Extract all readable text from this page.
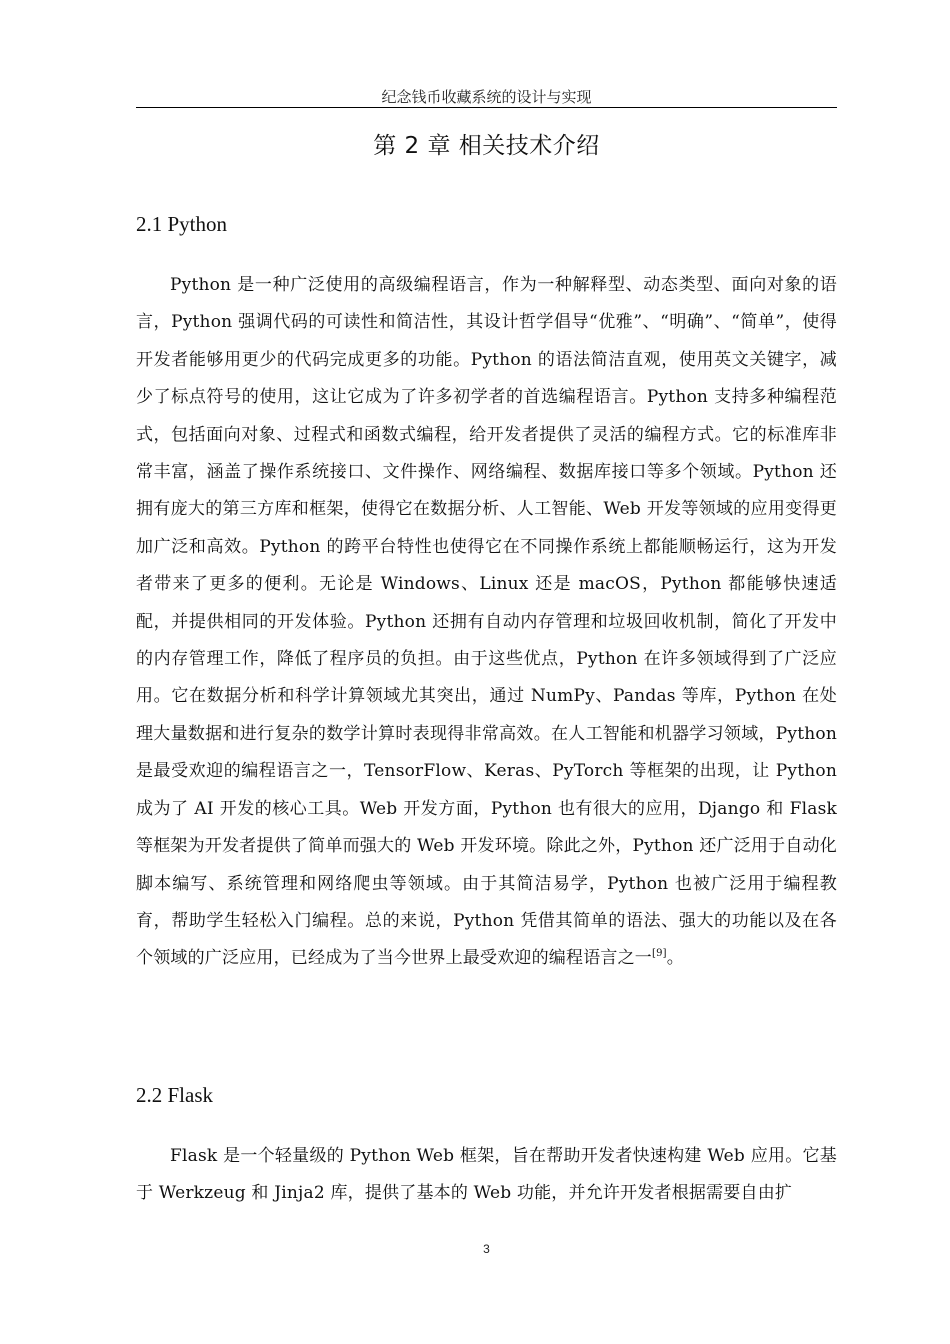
纪念钱币收藏系统的设计与实现
第 2 章 相关技术介绍
2.1 Python

Python 是一种广泛使用的高级编程语言，作为一种解释型、动态类型、面向对象的语言，Python 强调代码的可读性和简洁性，其设计哲学倡导“优雅”、“明确”、“简单”，使得开发者能够用更少的代码完成更多的功能。Python 的语法简洁直观，使用英文关键字，减少了标点符号的使用，这让它成为了许多初学者的首选编程语言。Python 支持多种编程范式，包括面向对象、过程式和函数式编程，给开发者提供了灵活的编程方式。它的标准库非常丰富，涵盖了操作系统接口、文件操作、网络编程、数据库接口等多个领域。Python 还拥有庞大的第三方库和框架，使得它在数据分析、人工智能、Web 开发等领域的应用变得更加广泛和高效。Python 的跨平台特性也使得它在不同操作系统上都能顺畅运行，这为开发者带来了更多的便利。无论是 Windows、Linux 还是 macOS，Python 都能够快速适配，并提供相同的开发体验。Python 还拥有自动内存管理和垃圾回收机制，简化了开发中的内存管理工作，降低了程序员的负担。由于这些优点，Python 在许多领域得到了广泛应用。它在数据分析和科学计算领域尤其突出，通过 NumPy、Pandas 等库，Python 在处理大量数据和进行复杂的数学计算时表现得非常高效。在人工智能和机器学习领域，Python 是最受欢迎的编程语言之一，TensorFlow、Keras、PyTorch 等框架的出现，让 Python 成为了 AI 开发的核心工具。Web 开发方面，Python 也有很大的应用，Django 和 Flask 等框架为开发者提供了简单而强大的 Web 开发环境。除此之外，Python 还广泛用于自动化脚本编写、系统管理和网络爬虫等领域。由于其简洁易学，Python 也被广泛用于编程教育，帮助学生轻松入门编程。总的来说，Python 凭借其简单的语法、强大的功能以及在各个领域的广泛应用，已经成为了当今世界上最受欢迎的编程语言之一[9]。

2.2 Flask

Flask 是一个轻量级的 Python Web 框架，旨在帮助开发者快速构建 Web 应用。它基于 Werkzeug 和 Jinja2 库，提供了基本的 Web 功能，并允许开发者根据需要自由扩

3
